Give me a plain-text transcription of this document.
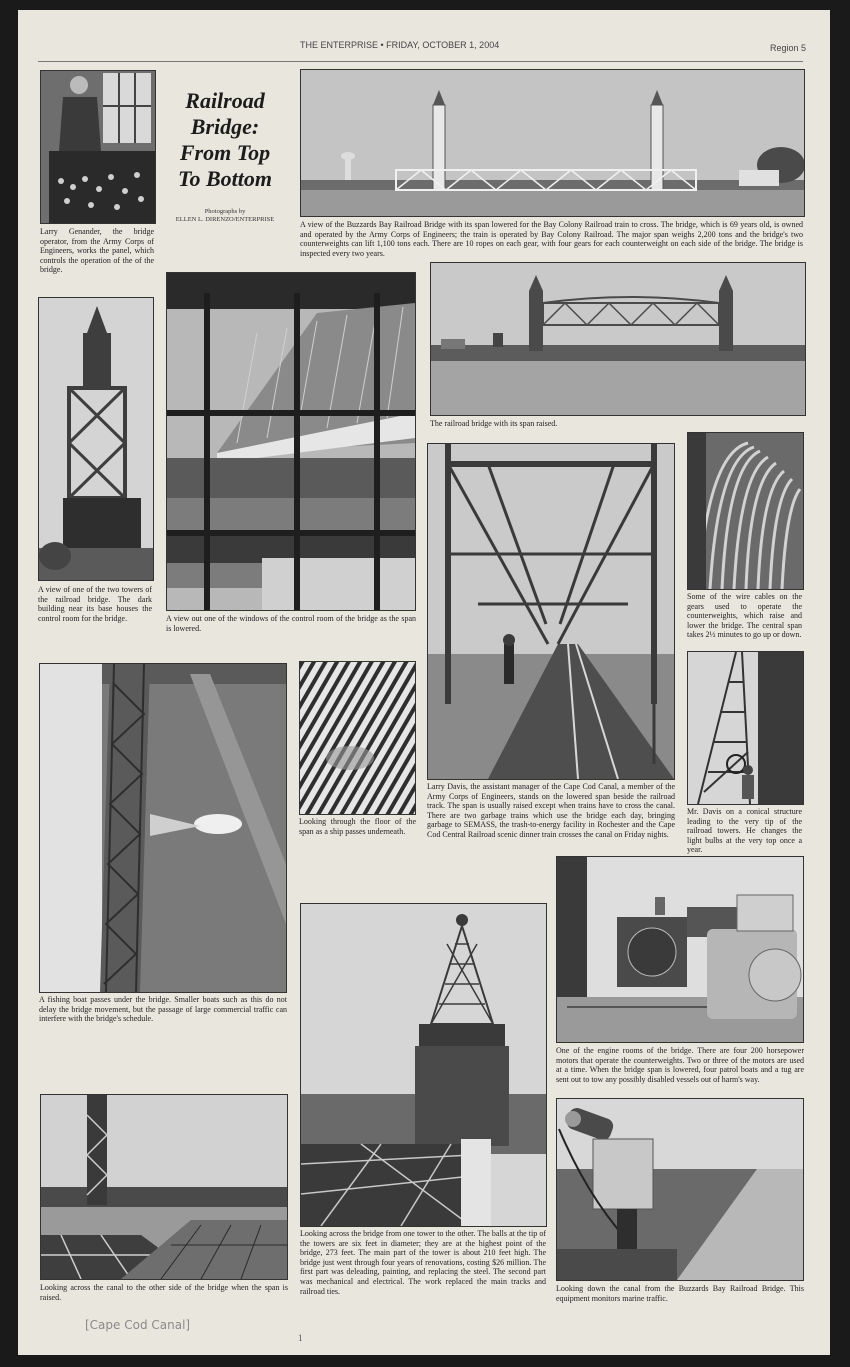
THE ENTERPRISE • FRIDAY, OCTOBER 1, 2004	Region 5
Railroad
Bridge:
From Top
To Bottom
Photographs by
ELLEN L. DIRENZO/ENTERPRISE
Larry Genander, the bridge operator, from the Army Corps of Engineers, works the panel, which controls the operation of the of the bridge.
A view of the Buzzards Bay Railroad Bridge with its span lowered for the Bay Colony Railroad train to cross. The bridge, which is 69 years old, is owned and operated by the Army Corps of Engineers; the train is operated by Bay Colony Railroad. The major span weighs 2,200 tons and the bridge's two counterweights can lift 1,100 tons each. There are 10 ropes on each gear, with four gears for each counterweight on each side of the bridge. The bridge is inspected every two years.
A view of one of the two towers of the railroad bridge. The dark building near its base houses the control room for the bridge.	A view out one of the windows of the control room of the bridge as the span is lowered.
The railroad bridge with its span raised.
Larry Davis, the assistant manager of the Cape Cod Canal, a member of the Army Corps of Engineers, stands on the lowered span beside the railroad track. The span is usually raised except when trains have to cross the canal. There are two garbage trains which use the bridge each day, bringing garbage to SEMASS, the trash-to-energy facility in Rochester and the Cape Cod Central Railroad scenic dinner train crosses the canal on Friday nights.
Some of the wire cables on the gears used to operate the counterweights, which raise and lower the bridge. The central span takes 2½ minutes to go up or down.
A fishing boat passes under the bridge. Smaller boats such as this do not delay the bridge movement, but the passage of large commercial traffic can interfere with the bridge's schedule.
Looking through the floor of the span as a ship passes underneath.
Mr. Davis on a conical structure leading to the very tip of the railroad towers. He changes the light bulbs at the very top once a year.
One of the engine rooms of the bridge. There are four 200 horsepower motors that operate the counterweights. Two or three of the motors are used at a time. When the bridge span is lowered, four patrol boats and a tug are sent out to tow any possibly disabled vessels out of harm's way.
Looking across the bridge from one tower to the other. The balls at the tip of the towers are six feet in diameter; they are at the highest point of the bridge, 273 feet. The main part of the tower is about 210 feet high. The bridge just went through four years of renovations, costing $26 million. The first part was deleading, painting, and replacing the steel. The second part was mechanical and electrical. The work replaced the main tracks and railroad ties.
Looking across the canal to the other side of the bridge when the span is raised.
Looking down the canal from the Buzzards Bay Railroad Bridge. This equipment monitors marine traffic.
[Cape Cod Canal]
1
